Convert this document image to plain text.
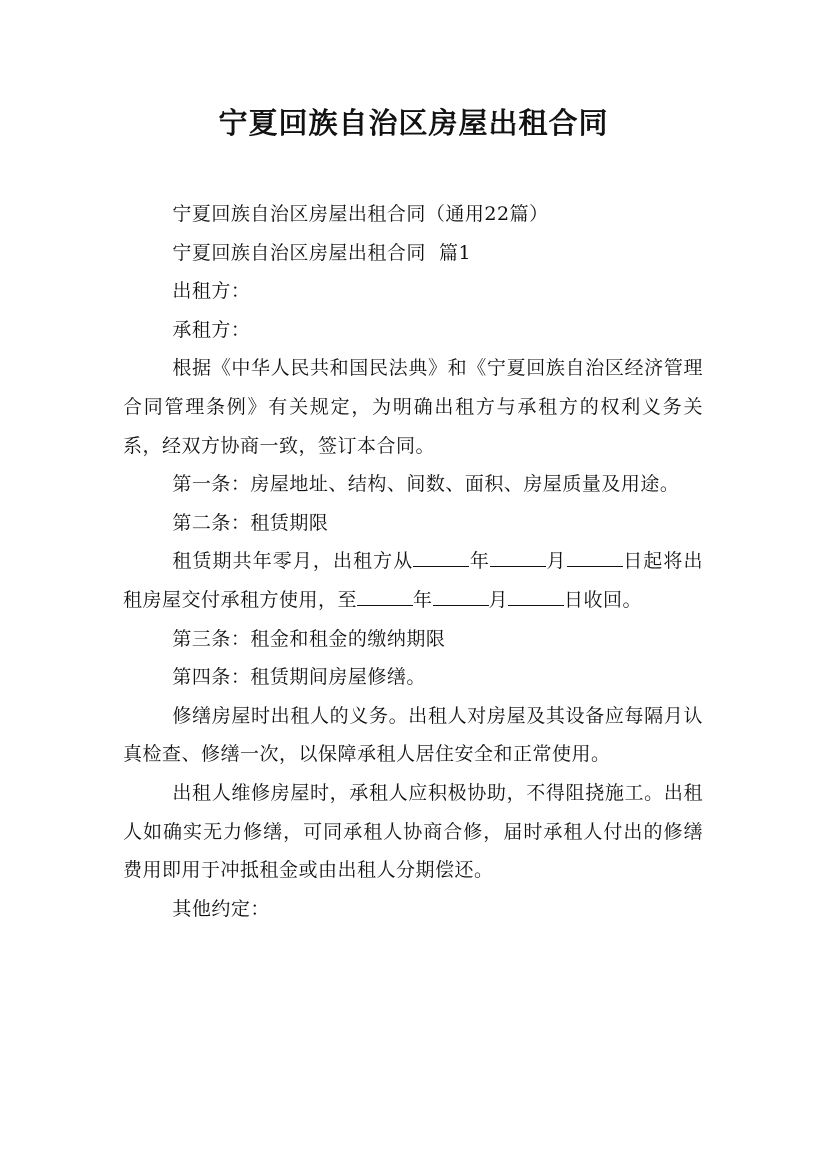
宁夏回族自治区房屋出租合同

宁夏回族自治区房屋出租合同（通用22篇）

宁夏回族自治区房屋出租合同  篇1

出租方：

承租方：

根据《中华人民共和国民法典》和《宁夏回族自治区经济管理合同管理条例》有关规定，为明确出租方与承租方的权利义务关系，经双方协商一致，签订本合同。

第一条：房屋地址、结构、间数、面积、房屋质量及用途。

第二条：租赁期限

租赁期共年零月，出租方从	年	月	日起将出租房屋交付承租方使用，至	年	月	日收回。

第三条：租金和租金的缴纳期限

第四条：租赁期间房屋修缮。

修缮房屋时出租人的义务。出租人对房屋及其设备应每隔月认真检查、修缮一次，以保障承租人居住安全和正常使用。

出租人维修房屋时，承租人应积极协助，不得阻挠施工。出租人如确实无力修缮，可同承租人协商合修，届时承租人付出的修缮费用即用于冲抵租金或由出租人分期偿还。

其他约定：
